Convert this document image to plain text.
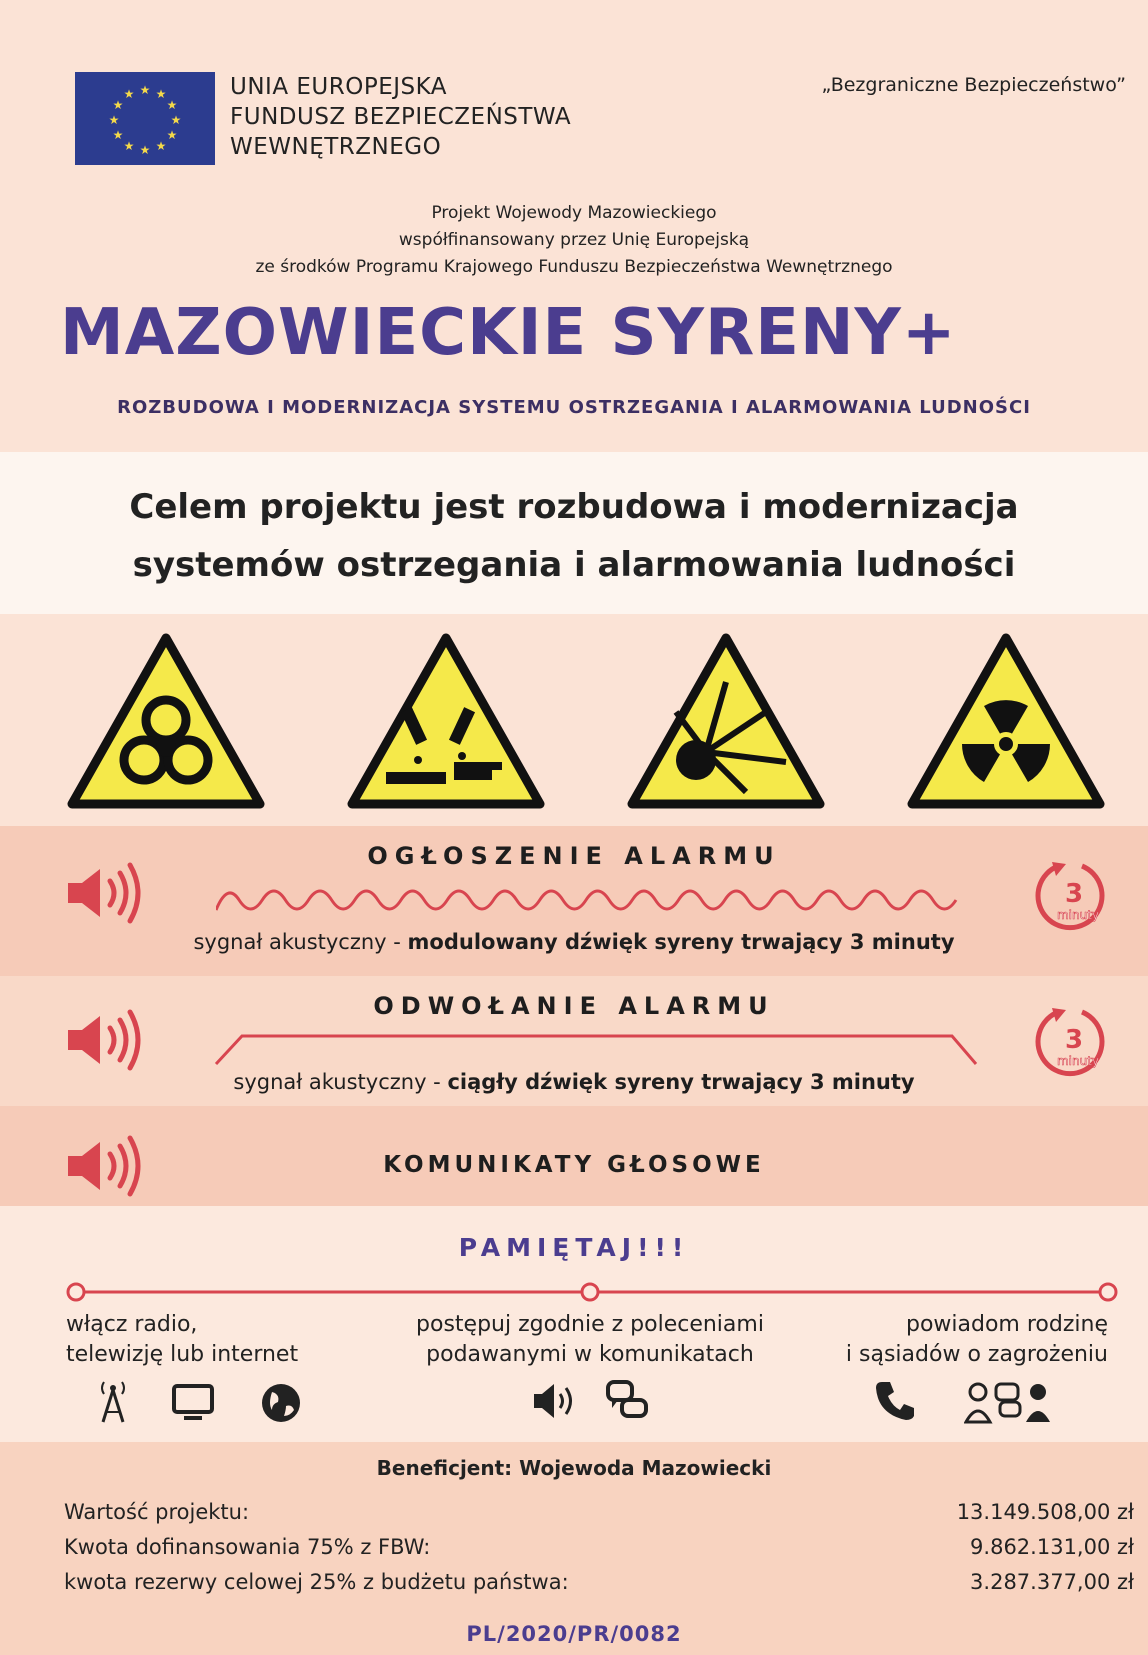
★ ★
★
★
★
★
★
★
★
★
★
★	UNIA EUROPEJSKA
FUNDUSZ BEZPIECZEŃSTWA
WEWNĘTRZNEGO
„Bezgraniczne Bezpieczeństwo”
Projekt Wojewody Mazowieckiego
współfinansowany przez Unię Europejską
ze środków Programu Krajowego Funduszu Bezpieczeństwa Wewnętrznego
MAZOWIECKIE SYRENY+
ROZBUDOWA I MODERNIZACJA SYSTEMU OSTRZEGANIA I ALARMOWANIA LUDNOŚCI
Celem projektu jest rozbudowa i modernizacja
systemów ostrzegania i alarmowania ludności
OGŁOSZENIE ALARMU
3
minuty
sygnał akustyczny - modulowany dźwięk syreny trwający 3 minuty
ODWOŁANIE ALARMU
3
minuty
sygnał akustyczny - ciągły dźwięk syreny trwający 3 minuty
KOMUNIKATY GŁOSOWE
PAMIĘTAJ!!!
włącz radio,
telewizję lub internet
postępuj zgodnie z poleceniami
podawanymi w komunikatach
powiadom rodzinę
i sąsiadów o zagrożeniu
Beneficjent: Wojewoda Mazowiecki
Wartość projektu:	13.149.508,00 zł
Kwota dofinansowania 75% z FBW:	9.862.131,00 zł
kwota rezerwy celowej 25% z budżetu państwa:	3.287.377,00 zł
PL/2020/PR/0082
